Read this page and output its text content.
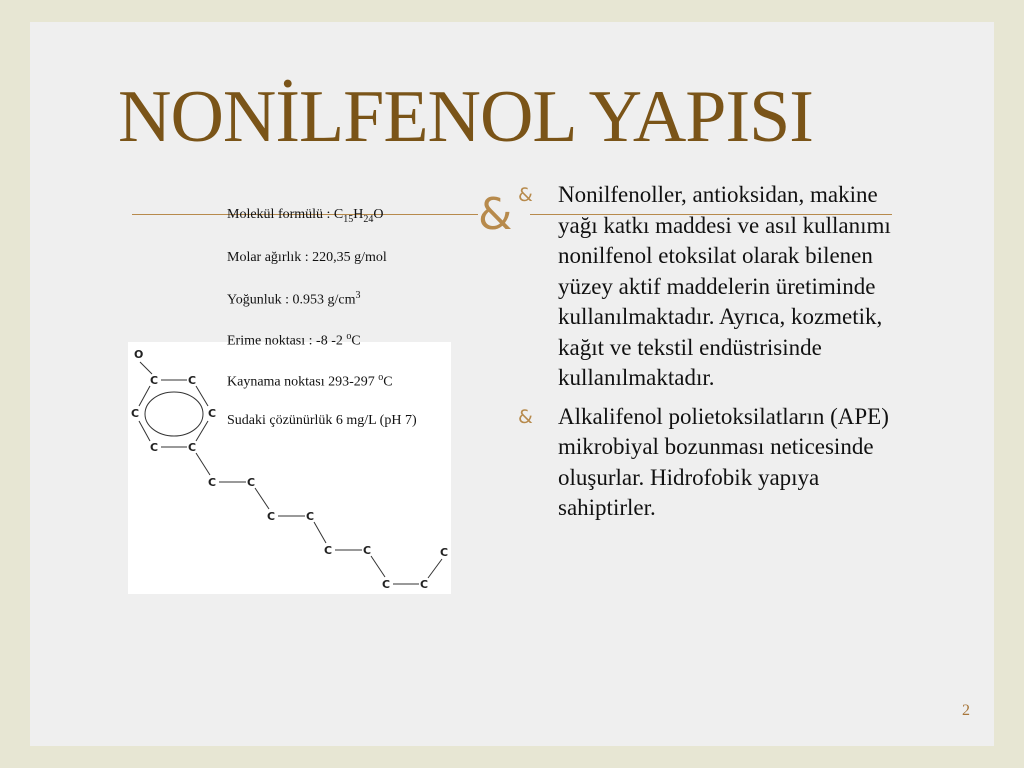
NONİLFENOL YAPISI
&
O
C	C
C	C
C	C
C	C
C	C
C	C	C
C	C
Molekül formülü : $C_{15}H_{24}O$
Molar ağırlık : 220,35 g/mol
Yoğunluk : 0.953 $g/cm^3$
Erime noktası : -8 -2 $^o$C
Kaynama noktası 293-297 $^o$C
Sudaki çözünürlük 6 mg/L (pH 7)
& Nonilfenoller, antioksidan, makine yağı katkı maddesi ve asıl kullanımı nonilfenol etoksilat olarak bilenen yüzey aktif maddelerin üretiminde kullanılmaktadır. Ayrıca, kozmetik, kağıt ve tekstil endüstrisinde kullanılmaktadır.
& Alkalifenol polietoksilatların (APE) mikrobiyal bozunması neticesinde oluşurlar. Hidrofobik yapıya sahiptirler.
2
